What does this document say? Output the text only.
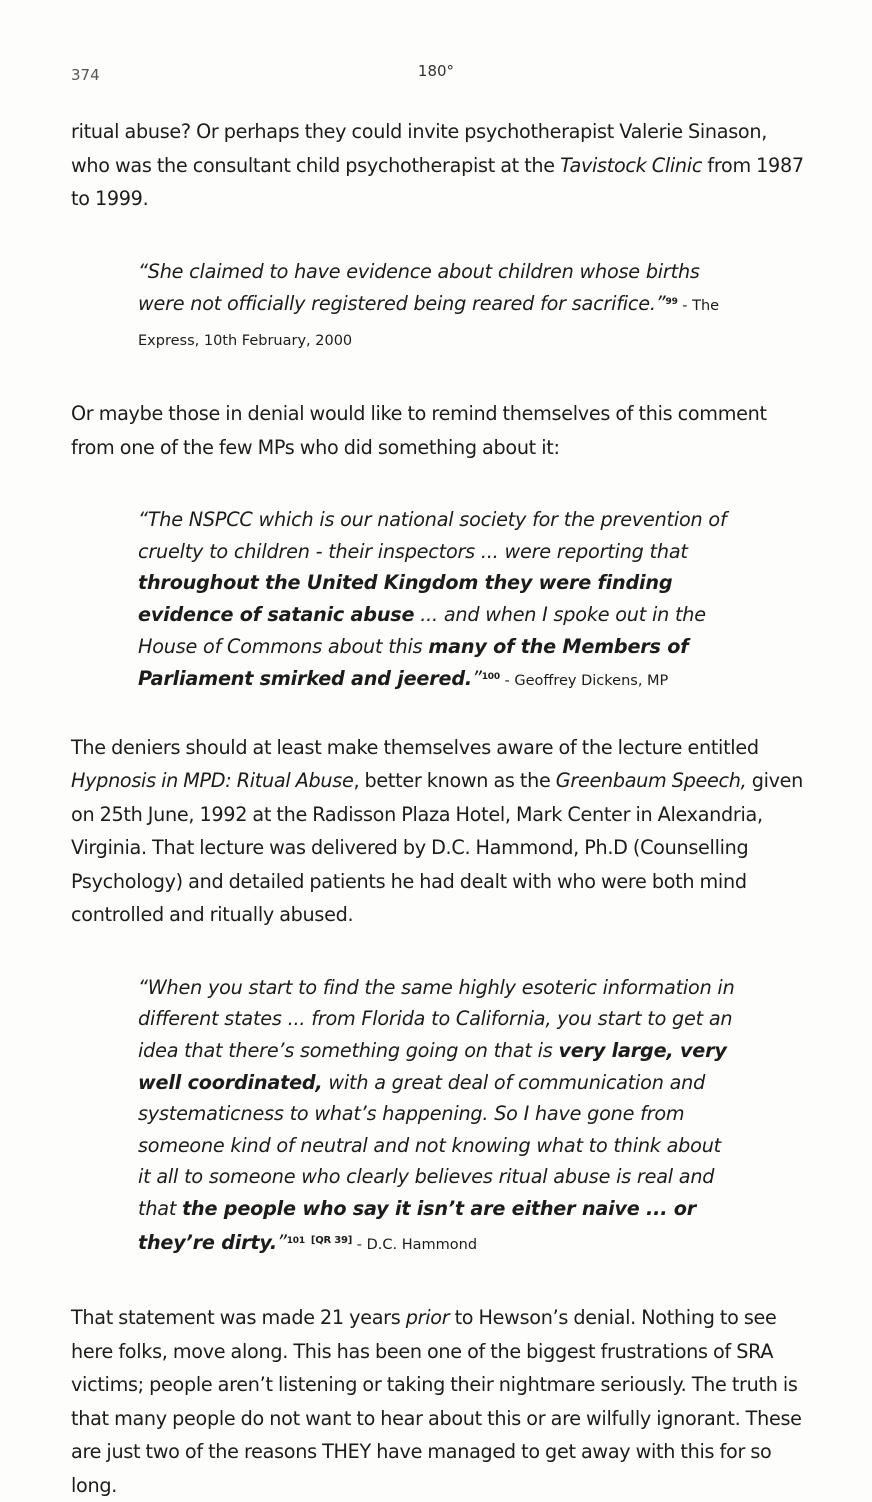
374	180°

ritual abuse? Or perhaps they could invite psychotherapist Valerie Sinason, who was the consultant child psychotherapist at the Tavistock Clinic from 1987 to 1999.

“She claimed to have evidence about children whose births were not officially registered being reared for sacrifice.”$^{99}$ - The Express, 10th February, 2000

Or maybe those in denial would like to remind themselves of this comment from one of the few MPs who did something about it:

“The NSPCC which is our national society for the prevention of cruelty to children - their inspectors ... were reporting that throughout the United Kingdom they were finding evidence of satanic abuse ... and when I spoke out in the House of Commons about this many of the Members of Parliament smirked and jeered.”$^{100}$ - Geoffrey Dickens, MP

The deniers should at least make themselves aware of the lecture entitled Hypnosis in MPD: Ritual Abuse, better known as the Greenbaum Speech, given on 25th June, 1992 at the Radisson Plaza Hotel, Mark Center in Alexandria, Virginia. That lecture was delivered by D.C. Hammond, Ph.D (Counselling Psychology) and detailed patients he had dealt with who were both mind controlled and ritually abused.

“When you start to find the same highly esoteric information in different states ... from Florida to California, you start to get an idea that there’s something going on that is very large, very well coordinated, with a great deal of communication and systematicness to what’s happening. So I have gone from someone kind of neutral and not knowing what to think about it all to someone who clearly believes ritual abuse is real and that the people who say it isn’t are either naive ... or they’re dirty.”$^{101}$ [QR 39] - D.C. Hammond

That statement was made 21 years prior to Hewson’s denial. Nothing to see here folks, move along. This has been one of the biggest frustrations of SRA victims; people aren’t listening or taking their nightmare seriously. The truth is that many people do not want to hear about this or are wilfully ignorant. These are just two of the reasons THEY have managed to get away with this for so long.
